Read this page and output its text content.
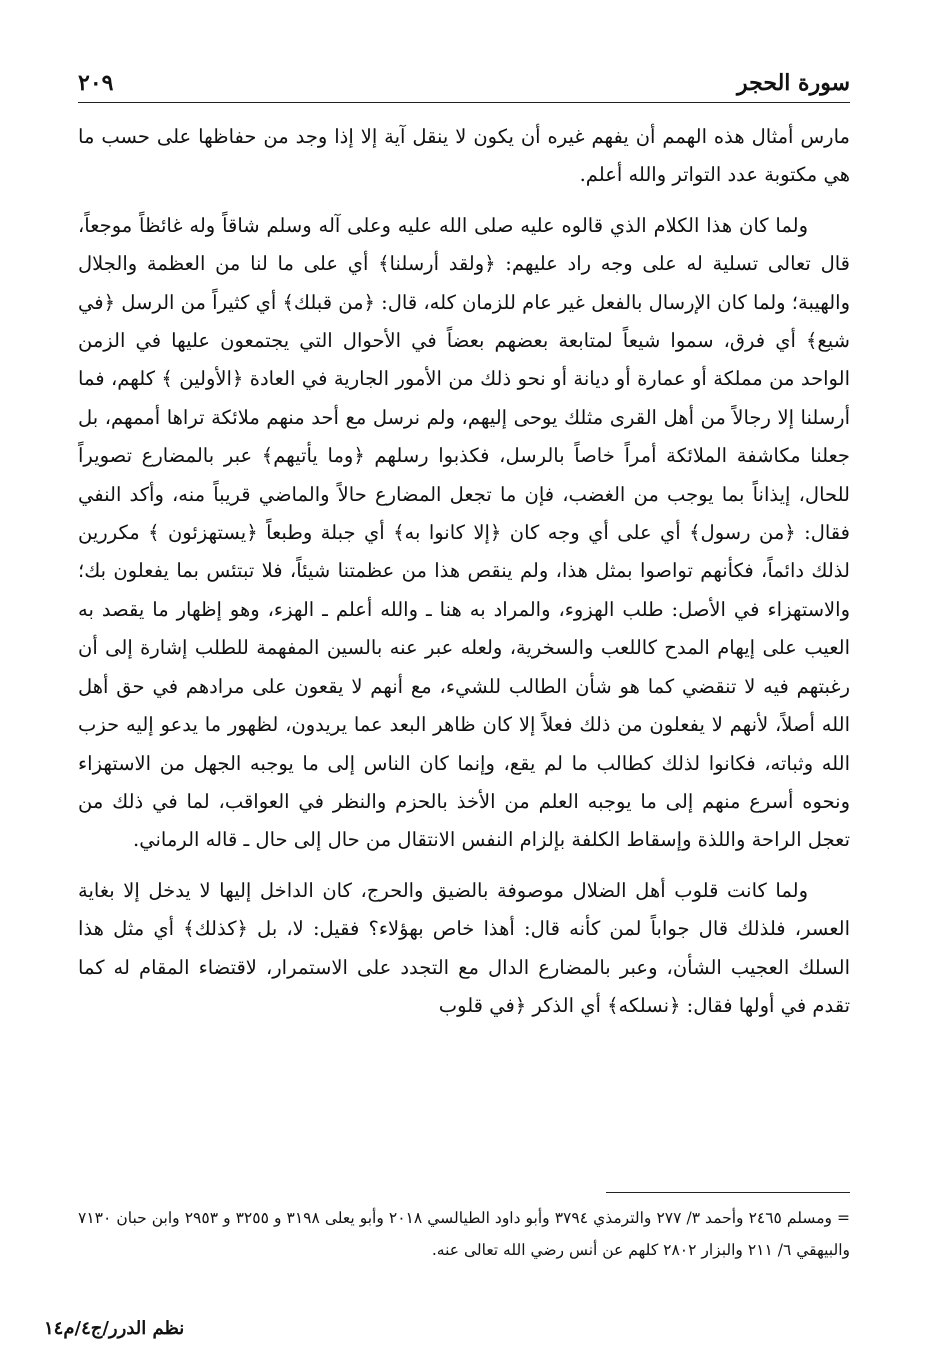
سورة الحجر
٢٠٩

مارس أمثال هذه الهمم أن يفهم غيره أن يكون لا ينقل آية إلا إذا وجد من حفاظها على حسب ما هي مكتوبة عدد التواتر والله أعلم.

ولما كان هذا الكلام الذي قالوه عليه صلى الله عليه وعلى آله وسلم شاقاً وله غائظاً موجعاً، قال تعالى تسلية له على وجه راد عليهم: ﴿ولقد أرسلنا﴾ أي على ما لنا من العظمة والجلال والهيبة؛ ولما كان الإرسال بالفعل غير عام للزمان كله، قال: ﴿من قبلك﴾ أي كثيراً من الرسل ﴿في شيع﴾ أي فرق، سموا شيعاً لمتابعة بعضهم بعضاً في الأحوال التي يجتمعون عليها في الزمن الواحد من مملكة أو عمارة أو ديانة أو نحو ذلك من الأمور الجارية في العادة ﴿الأولين ﴾ كلهم، فما أرسلنا إلا رجالاً من أهل القرى مثلك يوحى إليهم، ولم نرسل مع أحد منهم ملائكة تراها أممهم، بل جعلنا مكاشفة الملائكة أمراً خاصاً بالرسل، فكذبوا رسلهم ﴿وما يأتيهم﴾ عبر بالمضارع تصويراً للحال، إيذاناً بما يوجب من الغضب، فإن ما تجعل المضارع حالاً والماضي قريباً منه، وأكد النفي فقال: ﴿من رسول﴾ أي على أي وجه كان ﴿إلا كانوا به﴾ أي جبلة وطبعاً ﴿يستهزئون ﴾ مكررين لذلك دائماً، فكأنهم تواصوا بمثل هذا، ولم ينقص هذا من عظمتنا شيئاً، فلا تبتئس بما يفعلون بك؛ والاستهزاء في الأصل: طلب الهزوء، والمراد به هنا ـ والله أعلم ـ الهزء، وهو إظهار ما يقصد به العيب على إيهام المدح كاللعب والسخرية، ولعله عبر عنه بالسين المفهمة للطلب إشارة إلى أن رغبتهم فيه لا تنقضي كما هو شأن الطالب للشيء، مع أنهم لا يقعون على مرادهم في حق أهل الله أصلاً، لأنهم لا يفعلون من ذلك فعلاً إلا كان ظاهر البعد عما يريدون، لظهور ما يدعو إليه حزب الله وثباته، فكانوا لذلك كطالب ما لم يقع، وإنما كان الناس إلى ما يوجبه الجهل من الاستهزاء ونحوه أسرع منهم إلى ما يوجبه العلم من الأخذ بالحزم والنظر في العواقب، لما في ذلك من تعجل الراحة واللذة وإسقاط الكلفة بإلزام النفس الانتقال من حال إلى حال ـ قاله الرماني.

ولما كانت قلوب أهل الضلال موصوفة بالضيق والحرج، كان الداخل إليها لا يدخل إلا بغاية العسر، فلذلك قال جواباً لمن كأنه قال: أهذا خاص بهؤلاء؟ فقيل: لا، بل ﴿كذلك﴾ أي مثل هذا السلك العجيب الشأن، وعبر بالمضارع الدال مع التجدد على الاستمرار، لاقتضاء المقام له كما تقدم في أولها فقال: ﴿نسلكه﴾ أي الذكر ﴿في قلوب

= ومسلم ٢٤٦٥ وأحمد ٣/ ٢٧٧ والترمذي ٣٧٩٤ وأبو داود الطيالسي ٢٠١٨ وأبو يعلى ٣١٩٨ و ٣٢٥٥ و ٢٩٥٣ وابن حبان ٧١٣٠ والبيهقي ٦/ ٢١١ والبزار ٢٨٠٢ كلهم عن أنس رضي الله تعالى عنه.
نظم الدرر/ج٤/م١٤
